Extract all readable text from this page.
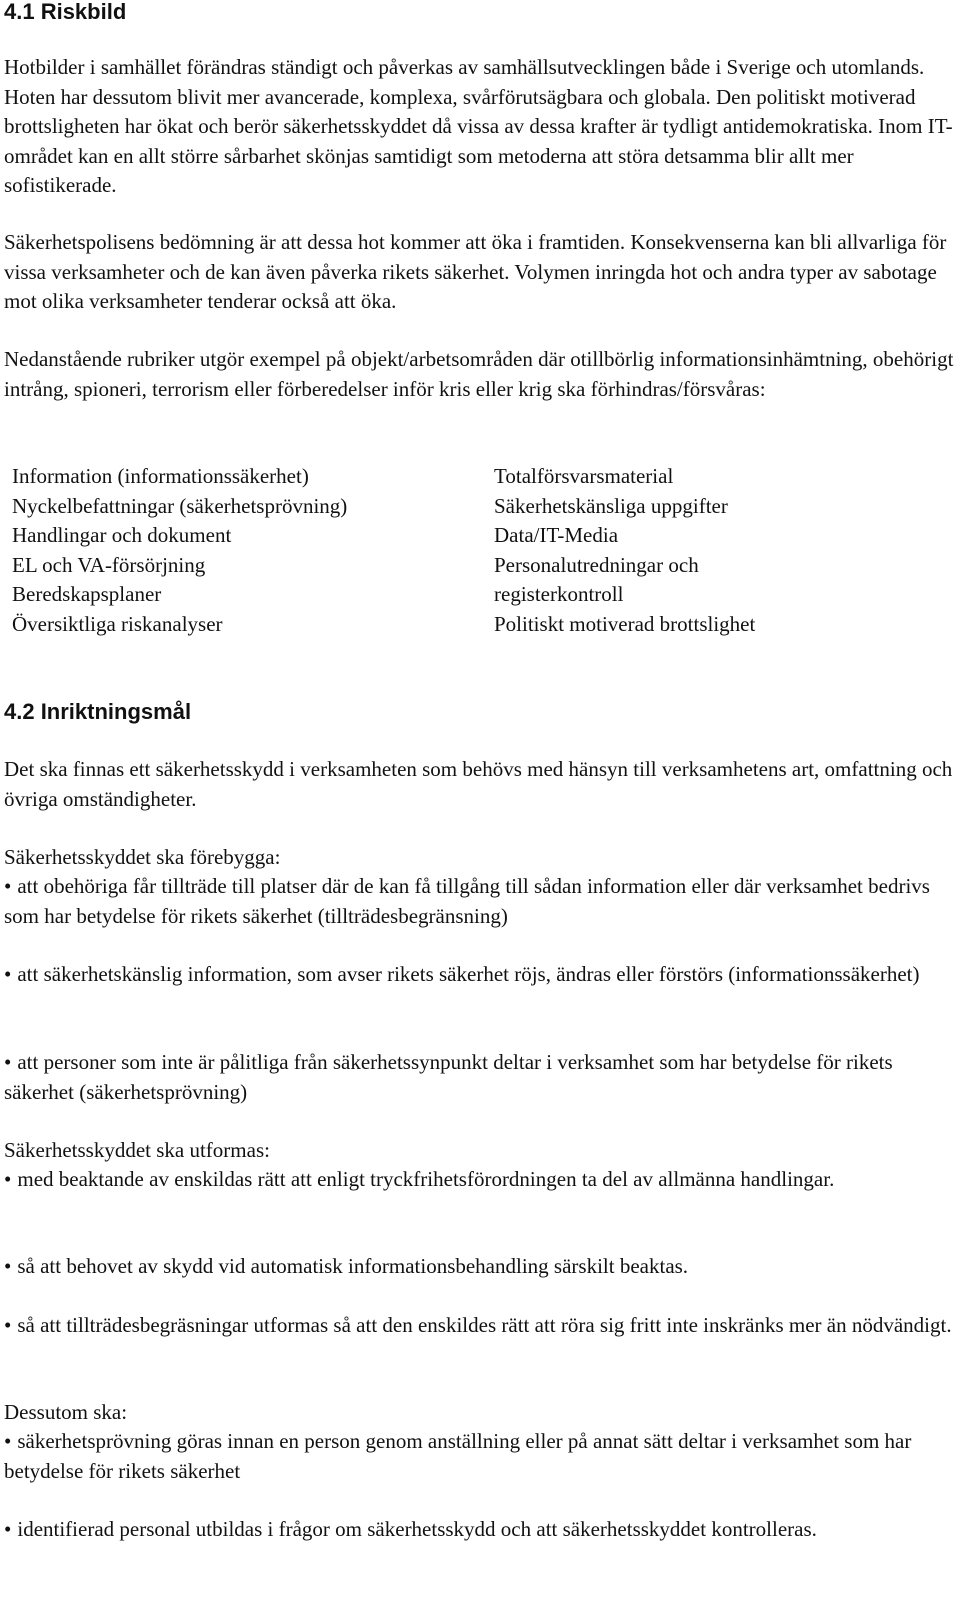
4.1 Riskbild

Hotbilder i samhället förändras ständigt och påverkas av samhällsutvecklingen både i Sverige och utomlands. Hoten har dessutom blivit mer avancerade, komplexa, svårförutsägbara och globala. Den politiskt motiverad brottsligheten har ökat och berör säkerhetsskyddet då vissa av dessa krafter är tydligt antidemokratiska. Inom IT-området kan en allt större sårbarhet skönjas samtidigt som metoderna att störa detsamma blir allt mer sofistikerade.

Säkerhetspolisens bedömning är att dessa hot kommer att öka i framtiden. Konsekvenserna kan bli allvarliga för vissa verksamheter och de kan även påverka rikets säkerhet. Volymen inringda hot och andra typer av sabotage mot olika verksamheter tenderar också att öka.

Nedanstående rubriker utgör exempel på objekt/arbetsområden där otillbörlig informationsinhämtning, obehörigt intrång, spioneri, terrorism eller förberedelser inför kris eller krig ska förhindras/försvåras:

Information (informationssäkerhet)
Nyckelbefattningar (säkerhetsprövning)
Handlingar och dokument
EL och VA-försörjning
Beredskapsplaner
Översiktliga riskanalyser
Totalförsvarsmaterial
Säkerhetskänsliga uppgifter
Data/IT-Media
Personalutredningar och
registerkontroll
Politiskt motiverad brottslighet
4.2 Inriktningsmål

Det ska finnas ett säkerhetsskydd i verksamheten som behövs med hänsyn till verksamhetens art, omfattning och övriga omständigheter.

Säkerhetsskyddet ska förebygga:

• att obehöriga får tillträde till platser där de kan få tillgång till sådan information eller där verksamhet bedrivs som har betydelse för rikets säkerhet (tillträdesbegränsning)

• att säkerhetskänslig information, som avser rikets säkerhet röjs, ändras eller förstörs (informationssäkerhet)

• att personer som inte är pålitliga från säkerhetssynpunkt deltar i verksamhet som har betydelse för rikets säkerhet (säkerhetsprövning)

Säkerhetsskyddet ska utformas:

• med beaktande av enskildas rätt att enligt tryckfrihetsförordningen ta del av allmänna handlingar.

• så att behovet av skydd vid automatisk informationsbehandling särskilt beaktas.

• så att tillträdesbegräsningar utformas så att den enskildes rätt att röra sig fritt inte inskränks mer än nödvändigt.

Dessutom ska:

• säkerhetsprövning göras innan en person genom anställning eller på annat sätt deltar i verksamhet som har betydelse för rikets säkerhet

• identifierad personal utbildas i frågor om säkerhetsskydd och att säkerhetsskyddet kontrolleras.
